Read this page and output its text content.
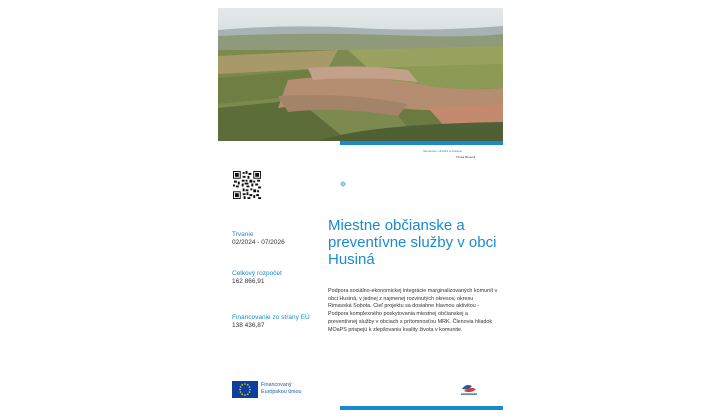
Slovensko, Hnúšťa a Kokava
Timea Benová
Trvanie
02/2024 - 07/2026
Celkový rozpočet
162 866,91
Financovanie zo strany EÚ
138 436,87
Miestne občianske a preventívne služby v obci Husiná
Podpora sociálno-ekonomickej integrácie marginalizovaných komunít v obci Husiná, v jednej z najmenej rozvinutých okresov, okresu Rimavská Sobota. Cieľ projektu sa dosiahne hlavnou aktivitou - Podpora komplexného poskytovania miestnej občianskej a preventívnej služby v obciach s prítomnosťou MRK. Členovia hliadok MOaPS prispejú k zlepšovaniu kvality života v komunite.
Financovaný
Európskou úniou
